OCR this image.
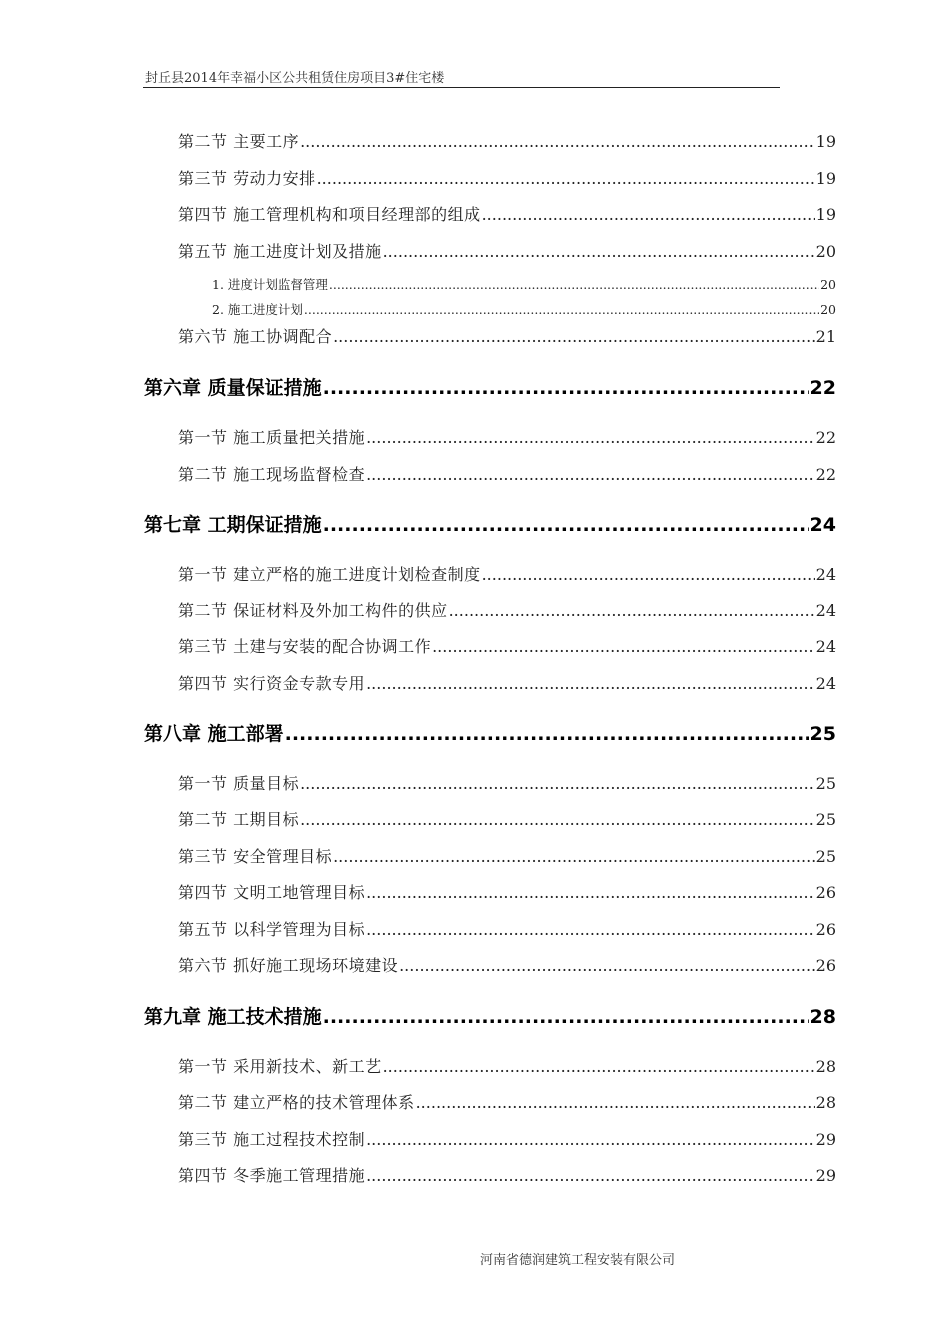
封丘县2014年幸福小区公共租赁住房项目3#住宅楼
第二节 主要工序 .....	19
第三节 劳动力安排 .....	19
第四节 施工管理机构和项目经理部的组成 .....	19
第五节 施工进度计划及措施 .....	20
1. 进度计划监督管理 .....	20
2. 施工进度计划 .....	20
第六节 施工协调配合 .....	21
第六章 质量保证措施 .....	22
第一节 施工质量把关措施 .....	22
第二节 施工现场监督检查 .....	22
第七章 工期保证措施 .....	24
第一节 建立严格的施工进度计划检查制度 .....	24
第二节 保证材料及外加工构件的供应 .....	24
第三节 土建与安装的配合协调工作 .....	24
第四节 实行资金专款专用 .....	24
第八章 施工部署 .....	25
第一节 质量目标 .....	25
第二节 工期目标 .....	25
第三节 安全管理目标 .....	25
第四节 文明工地管理目标 .....	26
第五节 以科学管理为目标 .....	26
第六节 抓好施工现场环境建设 .....	26
第九章 施工技术措施 .....	28
第一节 采用新技术、新工艺 .....	28
第二节 建立严格的技术管理体系 .....	28
第三节 施工过程技术控制 .....	29
第四节 冬季施工管理措施 .....	29
河南省德润建筑工程安装有限公司
